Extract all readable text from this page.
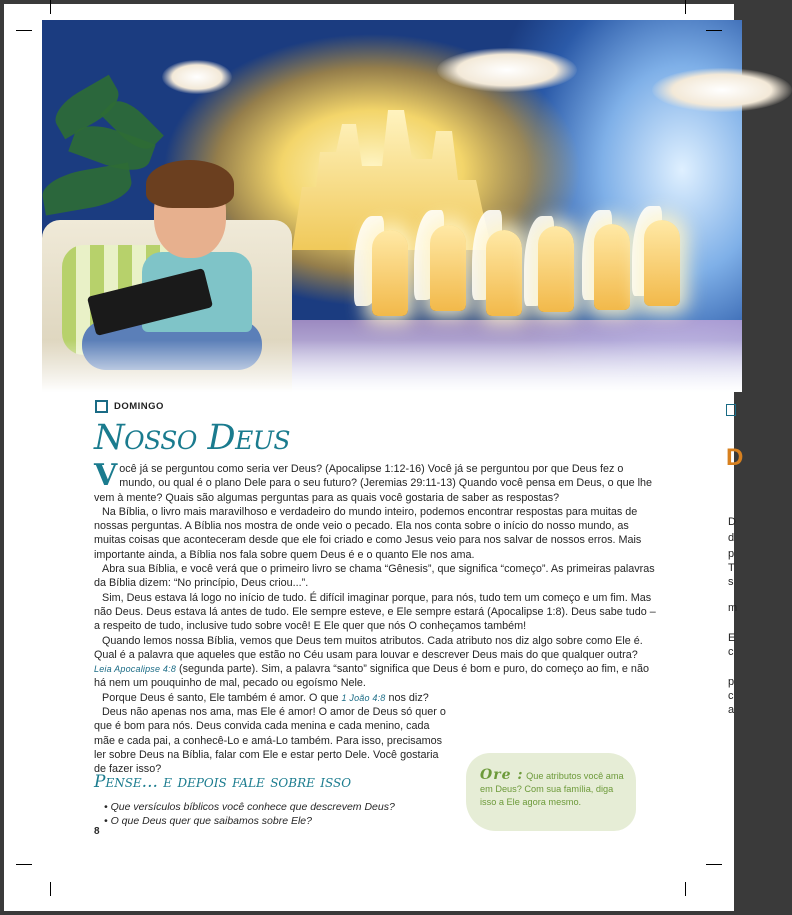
D
D
d
p
T
s
m
E
c
p
c
a
DOMINGO
Nosso Deus

Você já se perguntou como seria ver Deus? (Apocalipse 1:12-16) Você já se perguntou por que Deus fez o mundo, ou qual é o plano Dele para o seu futuro? (Jeremias 29:11-13) Quando você pensa em Deus, o que lhe vem à mente? Quais são algumas perguntas para as quais você gostaria de saber as respostas?

Na Bíblia, o livro mais maravilhoso e verdadeiro do mundo inteiro, podemos encontrar respostas para muitas de nossas perguntas. A Bíblia nos mostra de onde veio o pecado. Ela nos conta sobre o início do nosso mundo, as muitas coisas que aconteceram desde que ele foi criado e como Jesus veio para nos salvar de nossos erros. Mais importante ainda, a Bíblia nos fala sobre quem Deus é e o quanto Ele nos ama.

Abra sua Bíblia, e você verá que o primeiro livro se chama “Gênesis”, que significa “começo”. As primeiras palavras da Bíblia dizem: “No princípio, Deus criou...”.

Sim, Deus estava lá logo no início de tudo. É difícil imaginar porque, para nós, tudo tem um começo e um fim. Mas não Deus. Deus estava lá antes de tudo. Ele sempre esteve, e Ele sempre estará (Apocalipse 1:8). Deus sabe tudo – a respeito de tudo, inclusive tudo sobre você! E Ele quer que nós O conheçamos também!

Quando lemos nossa Bíblia, vemos que Deus tem muitos atributos. Cada atributo nos diz algo sobre como Ele é. Qual é a palavra que aqueles que estão no Céu usam para louvar e descrever Deus mais do que qualquer outra? Leia Apocalipse 4:8 (segunda parte). Sim, a palavra “santo” significa que Deus é bom e puro, do começo ao fim, e não há nem um pouquinho de mal, pecado ou egoísmo Nele.

Porque Deus é santo, Ele também é amor. O que 1 João 4:8 nos diz?

Deus não apenas nos ama, mas Ele é amor! O amor de Deus só quer o que é bom para nós. Deus convida cada menina e cada menino, cada mãe e cada pai, a conhecê-Lo e amá-Lo também. Para isso, precisamos ler sobre Deus na Bíblia, falar com Ele e estar perto Dele. Você gostaria de fazer isso?

Pense... e depois fale sobre isso
• Que versículos bíblicos você conhece que descrevem Deus?
• O que Deus quer que saibamos sobre Ele?
8
Ore : Que atributos você ama em Deus? Com sua família, diga isso a Ele agora mesmo.
